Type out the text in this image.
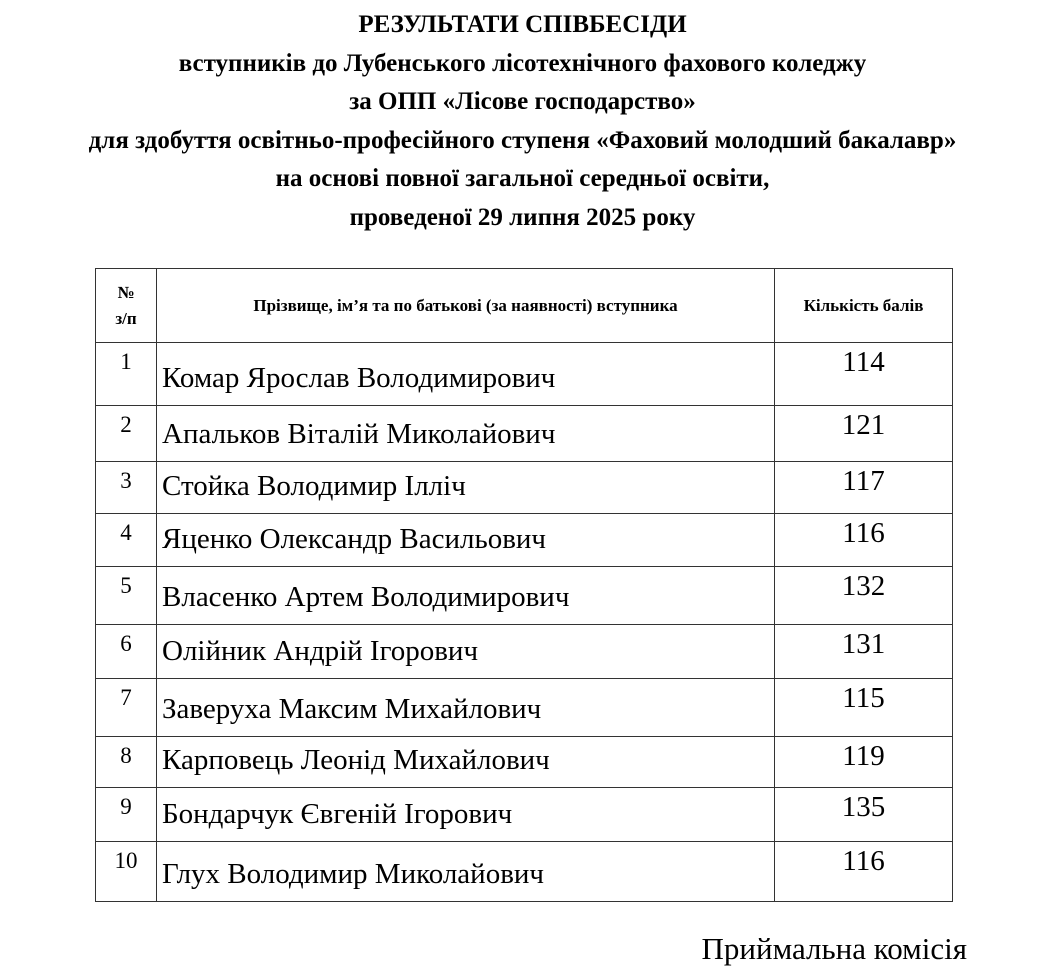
РЕЗУЛЬТАТИ СПІВБЕСІДИ
вступників до Лубенського лісотехнічного фахового коледжу
за ОПП «Лісове господарство»
для здобуття освітньо-професійного ступеня «Фаховий молодший бакалавр»
на основі повної загальної середньої освіти,
проведеної 29 липня 2025 року
№
з/п	Прізвище, ім’я та по батькові (за наявності) вступника	Кількість балів
1	Комар Ярослав Володимирович	114
2	Апальков Віталій Миколайович	121
3	Стойка Володимир Ілліч	117
4	Яценко Олександр Васильович	116
5	Власенко Артем Володимирович	132
6	Олійник Андрій Ігорович	131
7	Заверуха Максим Михайлович	115
8	Карповець Леонід Михайлович	119
9	Бондарчук Євгеній Ігорович	135
10	Глух Володимир Миколайович	116
Приймальна комісія
